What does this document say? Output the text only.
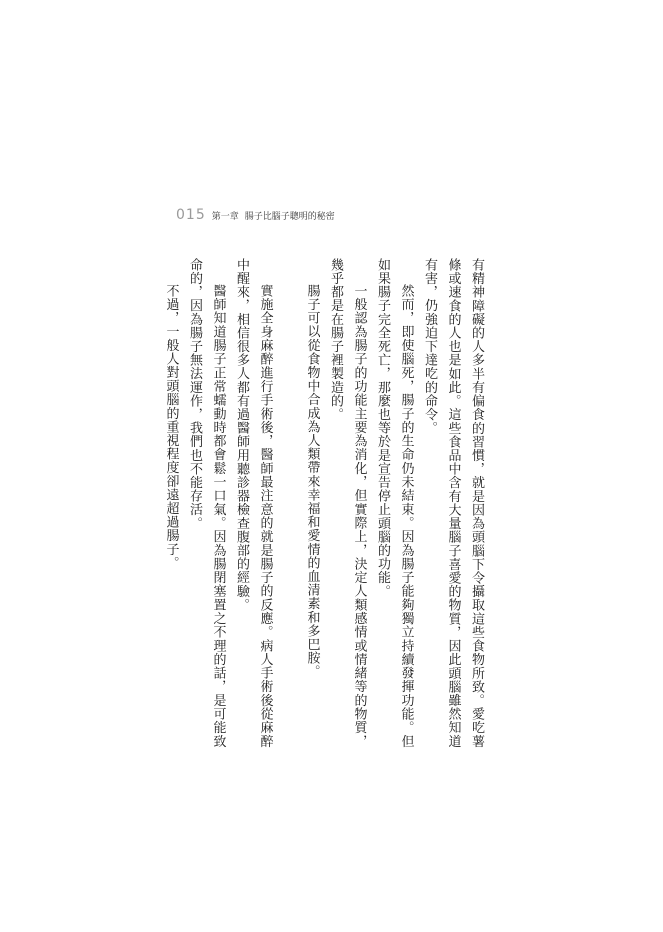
015 第一章 腸子比腦子聰明的秘密

有精神障礙的人多半有偏食的習慣，就是因為頭腦下令攝取這些食物所致。愛吃薯條或速食的人也是如此。這些食品中含有大量腦子喜愛的物質，因此頭腦雖然知道有害，仍強迫下達吃的命令。

然而，即使腦死，腸子的生命仍未結束。因為腸子能夠獨立持續發揮功能。但如果腸子完全死亡，那麼也等於是宣告停止頭腦的功能。

一般認為腸子的功能主要為消化，但實際上，決定人類感情或情緒等的物質，幾乎都是在腸子裡製造的。

腸子可以從食物中合成為人類帶來幸福和愛情的血清素和多巴胺。

實施全身麻醉進行手術後，醫師最注意的就是腸子的反應。病人手術後從麻醉中醒來，相信很多人都有過醫師用聽診器檢查腹部的經驗。

醫師知道腸子正常蠕動時都會鬆一口氣。因為腸閉塞置之不理的話，是可能致命的，因為腸子無法運作，我們也不能存活。

不過，一般人對頭腦的重視程度卻遠超過腸子。
